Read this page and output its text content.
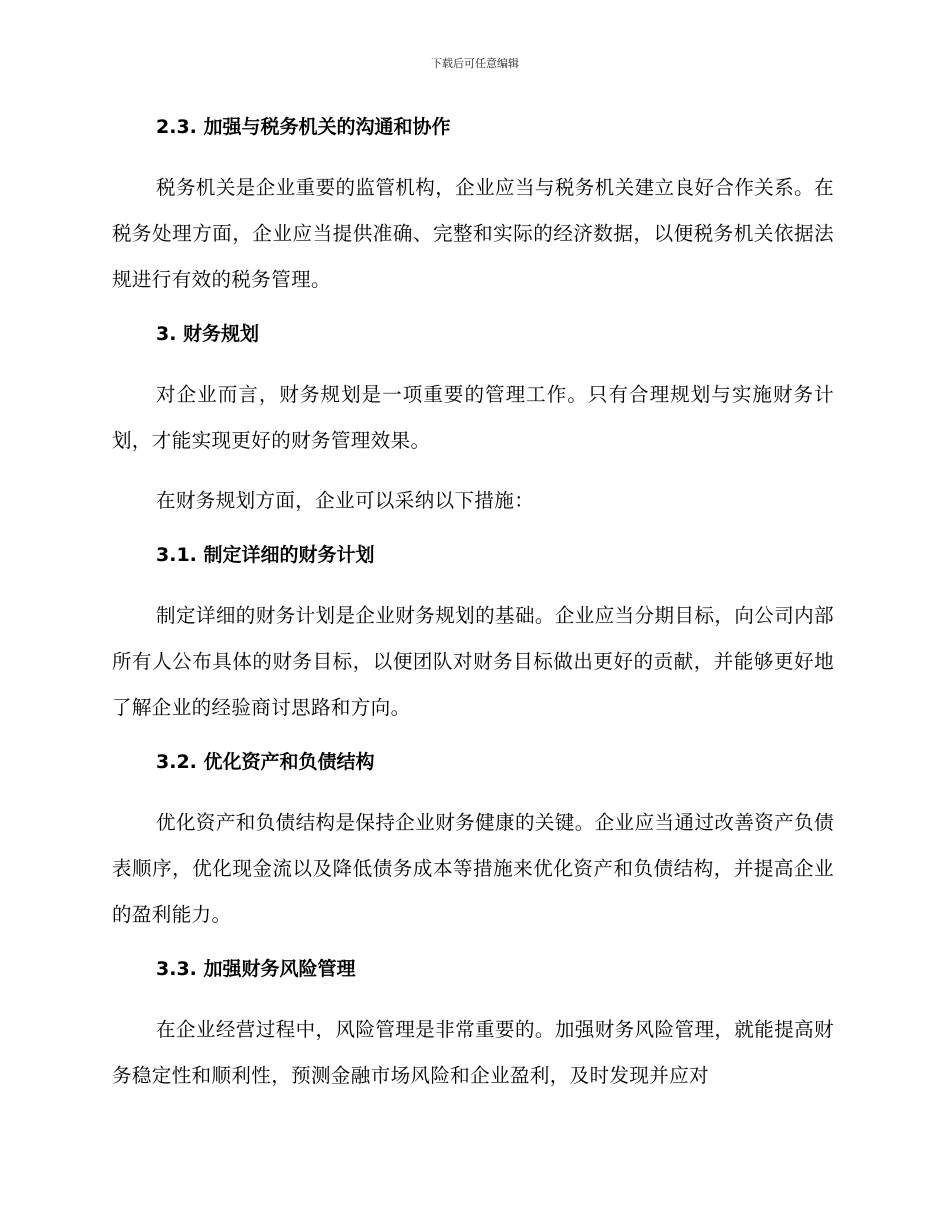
下载后可任意编辑
2.3. 加强与税务机关的沟通和协作

税务机关是企业重要的监管机构，企业应当与税务机关建立良好合作关系。在税务处理方面，企业应当提供准确、完整和实际的经济数据，以便税务机关依据法规进行有效的税务管理。

3. 财务规划

对企业而言，财务规划是一项重要的管理工作。只有合理规划与实施财务计划，才能实现更好的财务管理效果。

在财务规划方面，企业可以采纳以下措施：

3.1. 制定详细的财务计划

制定详细的财务计划是企业财务规划的基础。企业应当分期目标，向公司内部所有人公布具体的财务目标，以便团队对财务目标做出更好的贡献，并能够更好地了解企业的经验商讨思路和方向。

3.2. 优化资产和负债结构

优化资产和负债结构是保持企业财务健康的关键。企业应当通过改善资产负债表顺序，优化现金流以及降低债务成本等措施来优化资产和负债结构，并提高企业的盈利能力。

3.3. 加强财务风险管理

在企业经营过程中，风险管理是非常重要的。加强财务风险管理，就能提高财务稳定性和顺利性，预测金融市场风险和企业盈利，及时发现并应对
